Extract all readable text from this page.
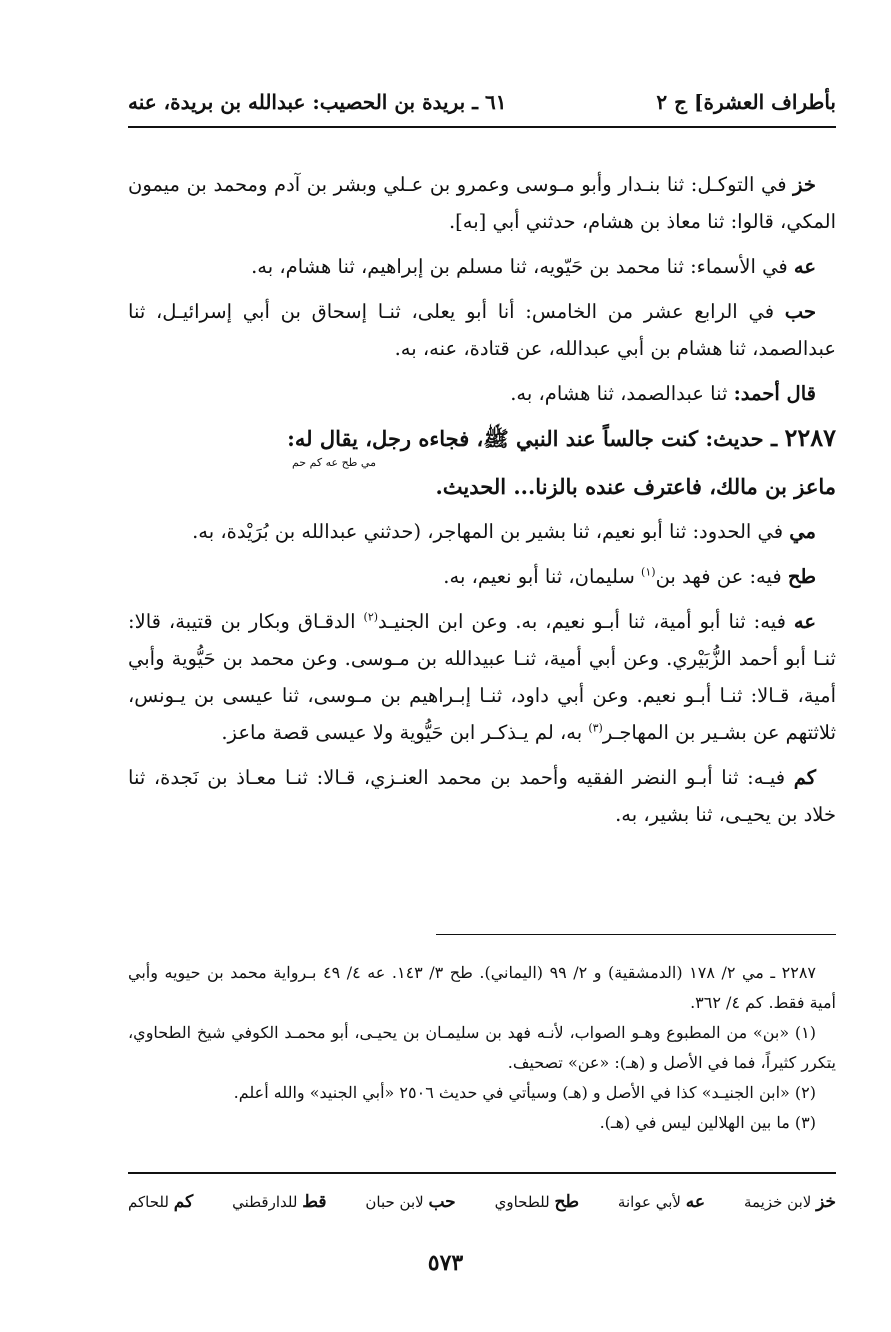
بأطراف العشرة] ج ٢
٦١ ـ بريدة بن الحصيب: عبدالله بن بريدة، عنه

خز في التوكـل: ثنا بنـدار وأبو مـوسى وعمرو بن عـلي وبشر بن آدم ومحمد بن ميمون المكي، قالوا: ثنا معاذ بن هشام، حدثني أبي [به].

عه في الأسماء: ثنا محمد بن حَيّويه، ثنا مسلم بن إبراهيم، ثنا هشام، به.

حب في الرابع عشر من الخامس: أنا أبو يعلى، ثنـا إسحاق بن أبي إسرائيـل، ثنا عبدالصمد، ثنا هشام بن أبي عبدالله، عن قتادة، عنه، به.

قال أحمد: ثنا عبدالصمد، ثنا هشام، به.

٢٢٨٧ ـ حديث: كنت جالساً عند النبي ﷺ، فجاءه رجل، يقال له:
مي طح عه كم حم
ماعز بن مالك، فاعترف عنده بالزنا... الحديث.

مي في الحدود: ثنا أبو نعيم، ثنا بشير بن المهاجر، (حدثني عبدالله بن بُرَيْدة، به.

طح فيه: عن فهد بن$^{(١)}$ سليمان، ثنا أبو نعيم، به.

عه فيه: ثنا أبو أمية، ثنا أبـو نعيم، به. وعن ابن الجنيـد$^{(٢)}$ الدقـاق وبكار بن قتيبة، قالا: ثنـا أبو أحمد الزُّبَيْري. وعن أبي أمية، ثنـا عبيدالله بن مـوسى. وعن محمد بن حَيُّوية وأبي أمية، قـالا: ثنـا أبـو نعيم. وعن أبي داود، ثنـا إبـراهيم بن مـوسى، ثنا عيسى بن يـونس، ثلاثتهم عن بشـير بن المهاجـر$^{(٣)}$ به، لم يـذكـر ابن حَيُّوية ولا عيسى قصة ماعز.

كم فيـه: ثنا أبـو النضر الفقيه وأحمد بن محمد العنـزي، قـالا: ثنـا معـاذ بن نَجدة، ثنا خلاد بن يحيـى، ثنا بشير، به.

٢٢٨٧ ـ مي ٢/ ١٧٨ (الدمشقية) و ٢/ ٩٩ (اليماني). طح ٣/ ١٤٣. عه ٤/ ٤٩ بـرواية محمد بن حيويه وأبي أمية فقط. كم ٤/ ٣٦٢.

(١) «بن» من المطبوع وهـو الصواب، لأنـه فهد بن سليمـان بن يحيـى، أبو محمـد الكوفي شيخ الطحاوي، يتكرر كثيراً، فما في الأصل و (هـ): «عن» تصحيف.

(٢) «ابن الجنيـد» كذا في الأصل و (هـ) وسيأتي في حديث ٢٥٠٦ «أبي الجنيد» والله أعلم.

(٣) ما بين الهلالين ليس في (هـ).

خز لابن خزيمة
عه لأبي عوانة
طح للطحاوي
حب لابن حبان
قط للدارقطني
كم للحاكم
٥٧٣
